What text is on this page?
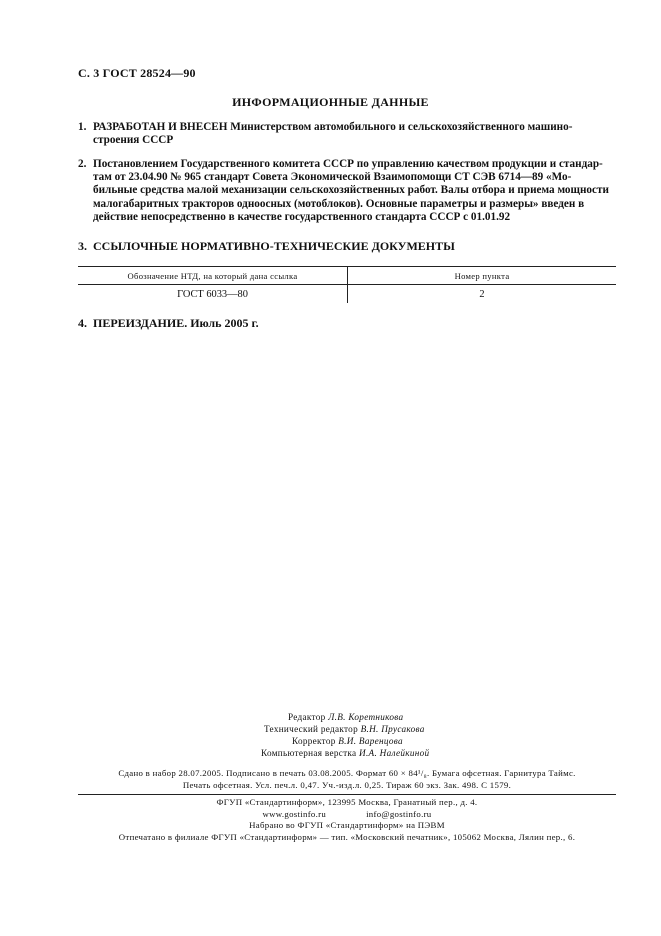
С. 3 ГОСТ 28524—90
ИНФОРМАЦИОННЫЕ ДАННЫЕ
1. РАЗРАБОТАН И ВНЕСЕН Министерством автомобильного и сельскохозяйственного машино-
строения СССР
2. Постановлением Государственного комитета СССР по управлению качеством продукции и стандар-
там от 23.04.90 № 965 стандарт Совета Экономической Взаимопомощи СТ СЭВ 6714—89 «Мо-
бильные средства малой механизации сельскохозяйственных работ. Валы отбора и приема мощности
малогабаритных тракторов одноосных (мотоблоков). Основные параметры и размеры» введен в
действие непосредственно в качестве государственного стандарта СССР с 01.01.92
3. ССЫЛОЧНЫЕ НОРМАТИВНО-ТЕХНИЧЕСКИЕ ДОКУМЕНТЫ
Обозначение НТД, на который дана ссылка	Номер пункта
ГОСТ 6033—80	2
4. ПЕРЕИЗДАНИЕ. Июль 2005 г.
Редактор Л.В. Коретникова
Технический редактор В.Н. Прусакова
Корректор В.И. Варенцова
Компьютерная верстка И.А. Налейкиной
Сдано в набор 28.07.2005. Подписано в печать 03.08.2005. Формат 60 × 84¹/₈. Бумага офсетная. Гарнитура Таймс.
Печать офсетная. Усл. печ.л. 0,47. Уч.-изд.л. 0,25. Тираж 60 экз. Зак. 498. С 1579.
ФГУП «Стандартинформ», 123995 Москва, Гранатный пер., д. 4.
www.gostinfo.ru	info@gostinfo.ru
Набрано во ФГУП «Стандартинформ» на ПЭВМ
Отпечатано в филиале ФГУП «Стандартинформ» — тип. «Московский печатник», 105062 Москва, Лялин пер., 6.
